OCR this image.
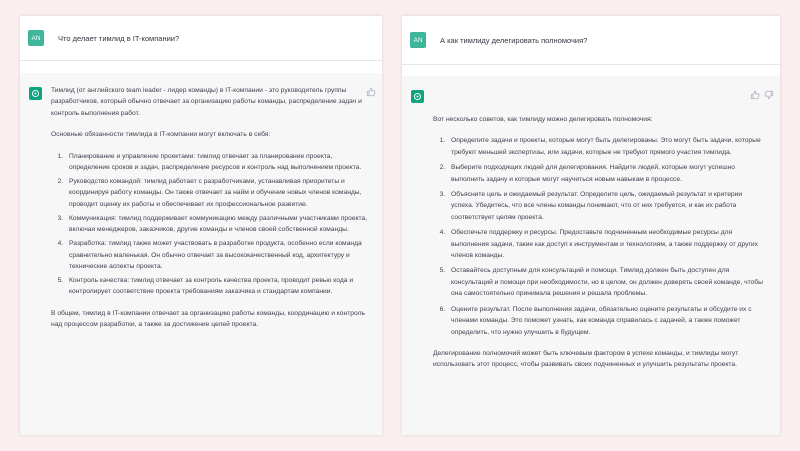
AN	Что делает тимлид в IT-компании?

Тимлид (от английского team leader - лидер команды) в IT-компании - это руководитель группы разработчиков, который обычно отвечает за организацию работы команды, распределение задач и контроль выполнения работ.

Основные обязанности тимлида в IT-компании могут включать в себя:

1. Планирование и управление проектами: тимлид отвечает за планирование проекта, определение сроков и задач, распределение ресурсов и контроль над выполнением проекта.
2. Руководство командой: тимлид работает с разработчиками, устанавливая приоритеты и координируя работу команды. Он также отвечает за найм и обучение новых членов команды, проводит оценку их работы и обеспечивает их профессиональное развитие.
3. Коммуникация: тимлид поддерживает коммуникацию между различными участниками проекта, включая менеджеров, заказчиков, другие команды и членов своей собственной команды.
4. Разработка: тимлид также может участвовать в разработке продукта, особенно если команда сравнительно маленькая. Он обычно отвечает за высококачественный код, архитектуру и технические аспекты проекта.
5. Контроль качества: тимлид отвечает за контроль качества проекта, проводит ревью кода и контролирует соответствие проекта требованиям заказчика и стандартам компании.

В общем, тимлид в IT-компании отвечает за организацию работы команды, координацию и контроль над процессом разработки, а также за достижение целей проекта.

AN	А как тимлиду делегировать полномочия?

Вот несколько советов, как тимлиду можно делегировать полномочия:

1. Определите задачи и проекты, которые могут быть делегированы. Это могут быть задачи, которые требуют меньшей экспертизы, или задачи, которые не требуют прямого участия тимлида.
2. Выберите подходящих людей для делегирования. Найдите людей, которые могут успешно выполнить задачу и которые могут научиться новым навыкам в процессе.
3. Объясните цель и ожидаемый результат. Определите цель, ожидаемый результат и критерии успеха. Убедитесь, что все члены команды понимают, что от них требуется, и как их работа соответствует целям проекта.
4. Обеспечьте поддержку и ресурсы. Предоставьте подчиненным необходимые ресурсы для выполнения задачи, такие как доступ к инструментам и технологиям, а также поддержку от других членов команды.
5. Оставайтесь доступным для консультаций и помощи. Тимлид должен быть доступен для консультаций и помощи при необходимости, но в целом, он должен доверять своей команде, чтобы она самостоятельно принимала решения и решала проблемы.
6. Оцените результат. После выполнения задачи, обязательно оцените результаты и обсудите их с членами команды. Это поможет узнать, как команда справилась с задачей, а также поможет определить, что нужно улучшить в будущем.

Делегирование полномочий может быть ключевым фактором в успехе команды, и тимлиды могут использовать этот процесс, чтобы развивать своих подчиненных и улучшить результаты проекта.
